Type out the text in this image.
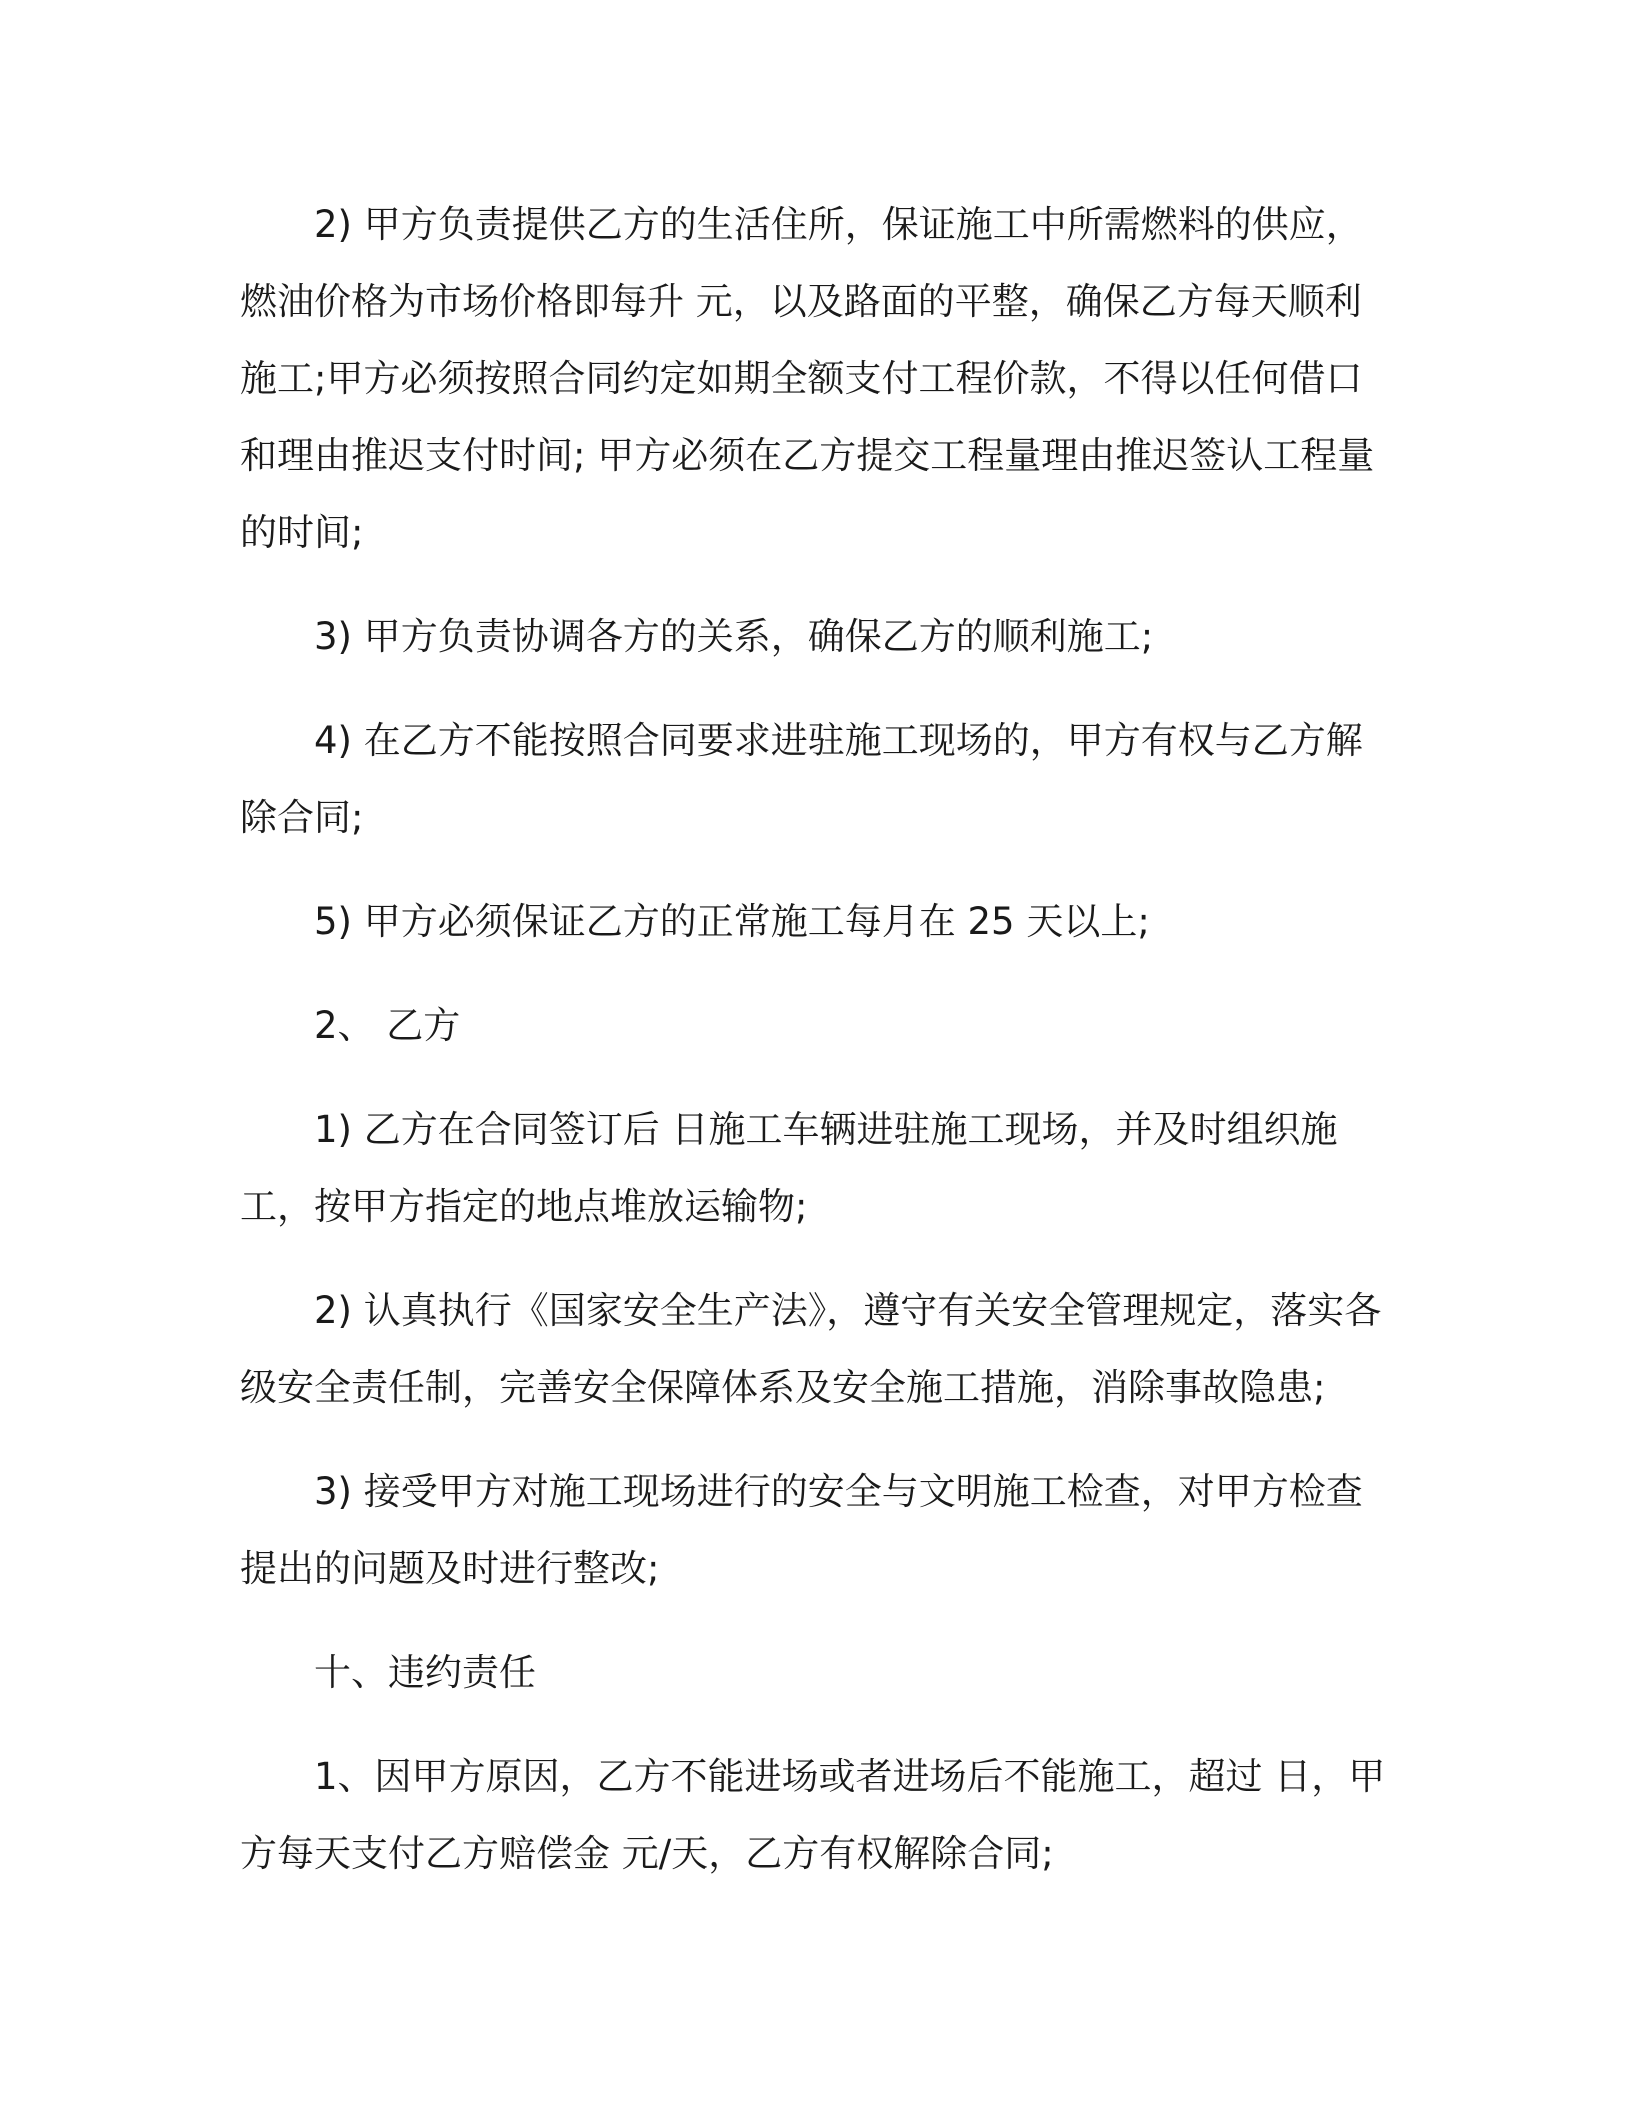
2) 甲方负责提供乙方的生活住所，保证施工中所需燃料的供应，燃油价格为市场价格即每升 元，以及路面的平整，确保乙方每天顺利施工;甲方必须按照合同约定如期全额支付工程价款，不得以任何借口和理由推迟支付时间; 甲方必须在乙方提交工程量理由推迟签认工程量的时间;

3) 甲方负责协调各方的关系，确保乙方的顺利施工;

4) 在乙方不能按照合同要求进驻施工现场的，甲方有权与乙方解除合同;

5) 甲方必须保证乙方的正常施工每月在 25 天以上;

2、 乙方

1) 乙方在合同签订后 日施工车辆进驻施工现场，并及时组织施工，按甲方指定的地点堆放运输物;

2) 认真执行《国家安全生产法》，遵守有关安全管理规定，落实各级安全责任制，完善安全保障体系及安全施工措施，消除事故隐患;

3) 接受甲方对施工现场进行的安全与文明施工检查，对甲方检查提出的问题及时进行整改;

十、违约责任

1、因甲方原因，乙方不能进场或者进场后不能施工，超过 日，甲方每天支付乙方赔偿金 元/天，乙方有权解除合同;
